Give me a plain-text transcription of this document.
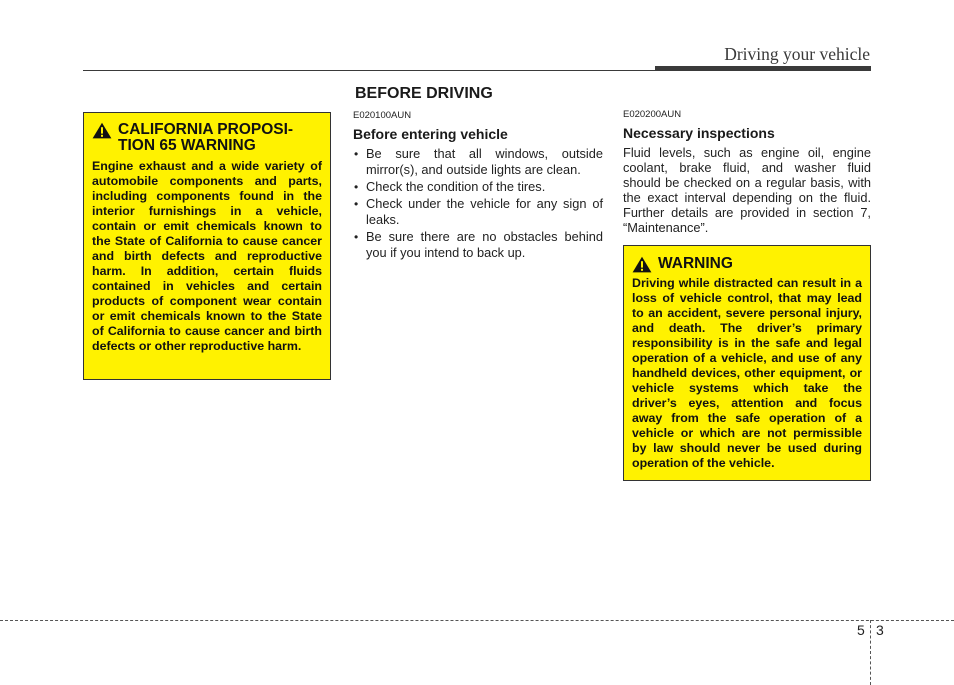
Driving your vehicle
CALIFORNIA PROPOSI-TION 65 WARNING
Engine exhaust and a wide variety of automobile components and parts, including components found in the interior furnishings in a vehicle, contain or emit chemicals known to the State of California to cause cancer and birth defects and reproductive harm. In addition, certain fluids contained in vehicles and certain products of component wear contain or emit chemicals known to the State of California to cause cancer and birth defects or other reproductive harm.
BEFORE DRIVING
E020100AUN
Before entering vehicle
• Be sure that all windows, outside mirror(s), and outside lights are clean.
• Check the condition of the tires.
• Check under the vehicle for any sign of leaks.
• Be sure there are no obstacles behind you if you intend to back up.
E020200AUN
Necessary inspections
Fluid levels, such as engine oil, engine coolant, brake fluid, and washer fluid should be checked on a regular basis, with the exact interval depending on the fluid. Further details are provided in section 7, “Maintenance”.
WARNING
Driving while distracted can result in a loss of vehicle control, that may lead to an accident, severe personal injury, and death. The driver’s primary responsibility is in the safe and legal operation of a vehicle, and use of any handheld devices, other equipment, or vehicle systems which take the driver’s eyes, attention and focus away from the safe operation of a vehicle or which are not permissible by law should never be used during operation of the vehicle.
5 3
